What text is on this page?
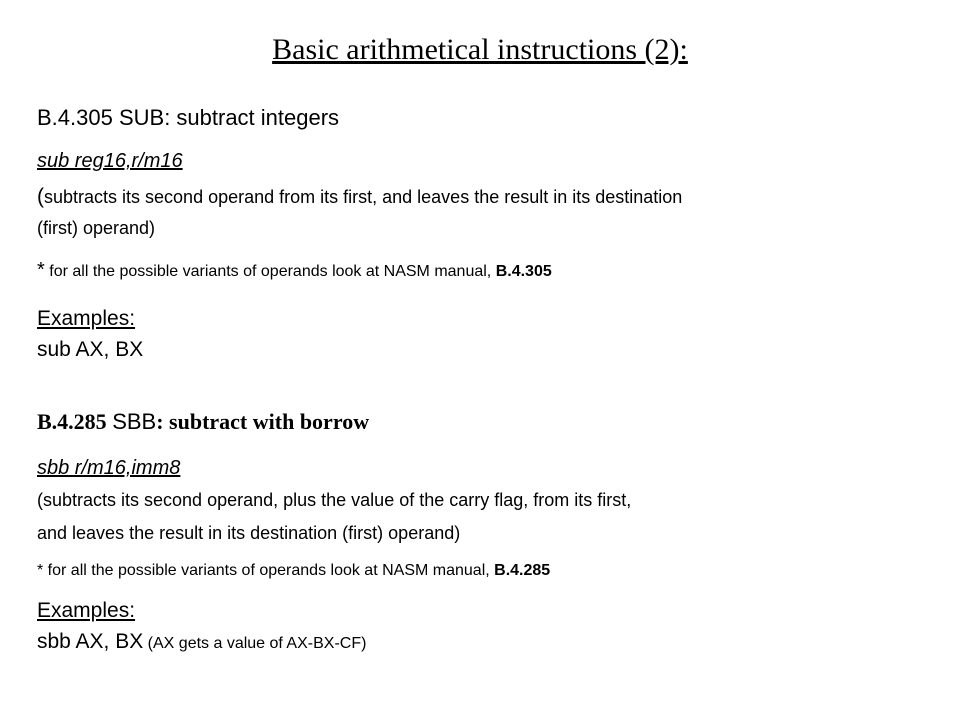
Basic arithmetical instructions (2):
B.4.305 SUB: subtract integers
sub reg16,r/m16
(subtracts its second operand from its first, and leaves the result in its destination
(first) operand)
* for all the possible variants of operands look at NASM manual, B.4.305
Examples:
sub AX, BX
B.4.285 SBB: subtract with borrow
sbb r/m16,imm8
(subtracts its second operand, plus the value of the carry flag, from its first,
and leaves the result in its destination (first) operand)
* for all the possible variants of operands look at NASM manual, B.4.285
Examples:
sbb AX, BX (AX gets a value of AX-BX-CF)
